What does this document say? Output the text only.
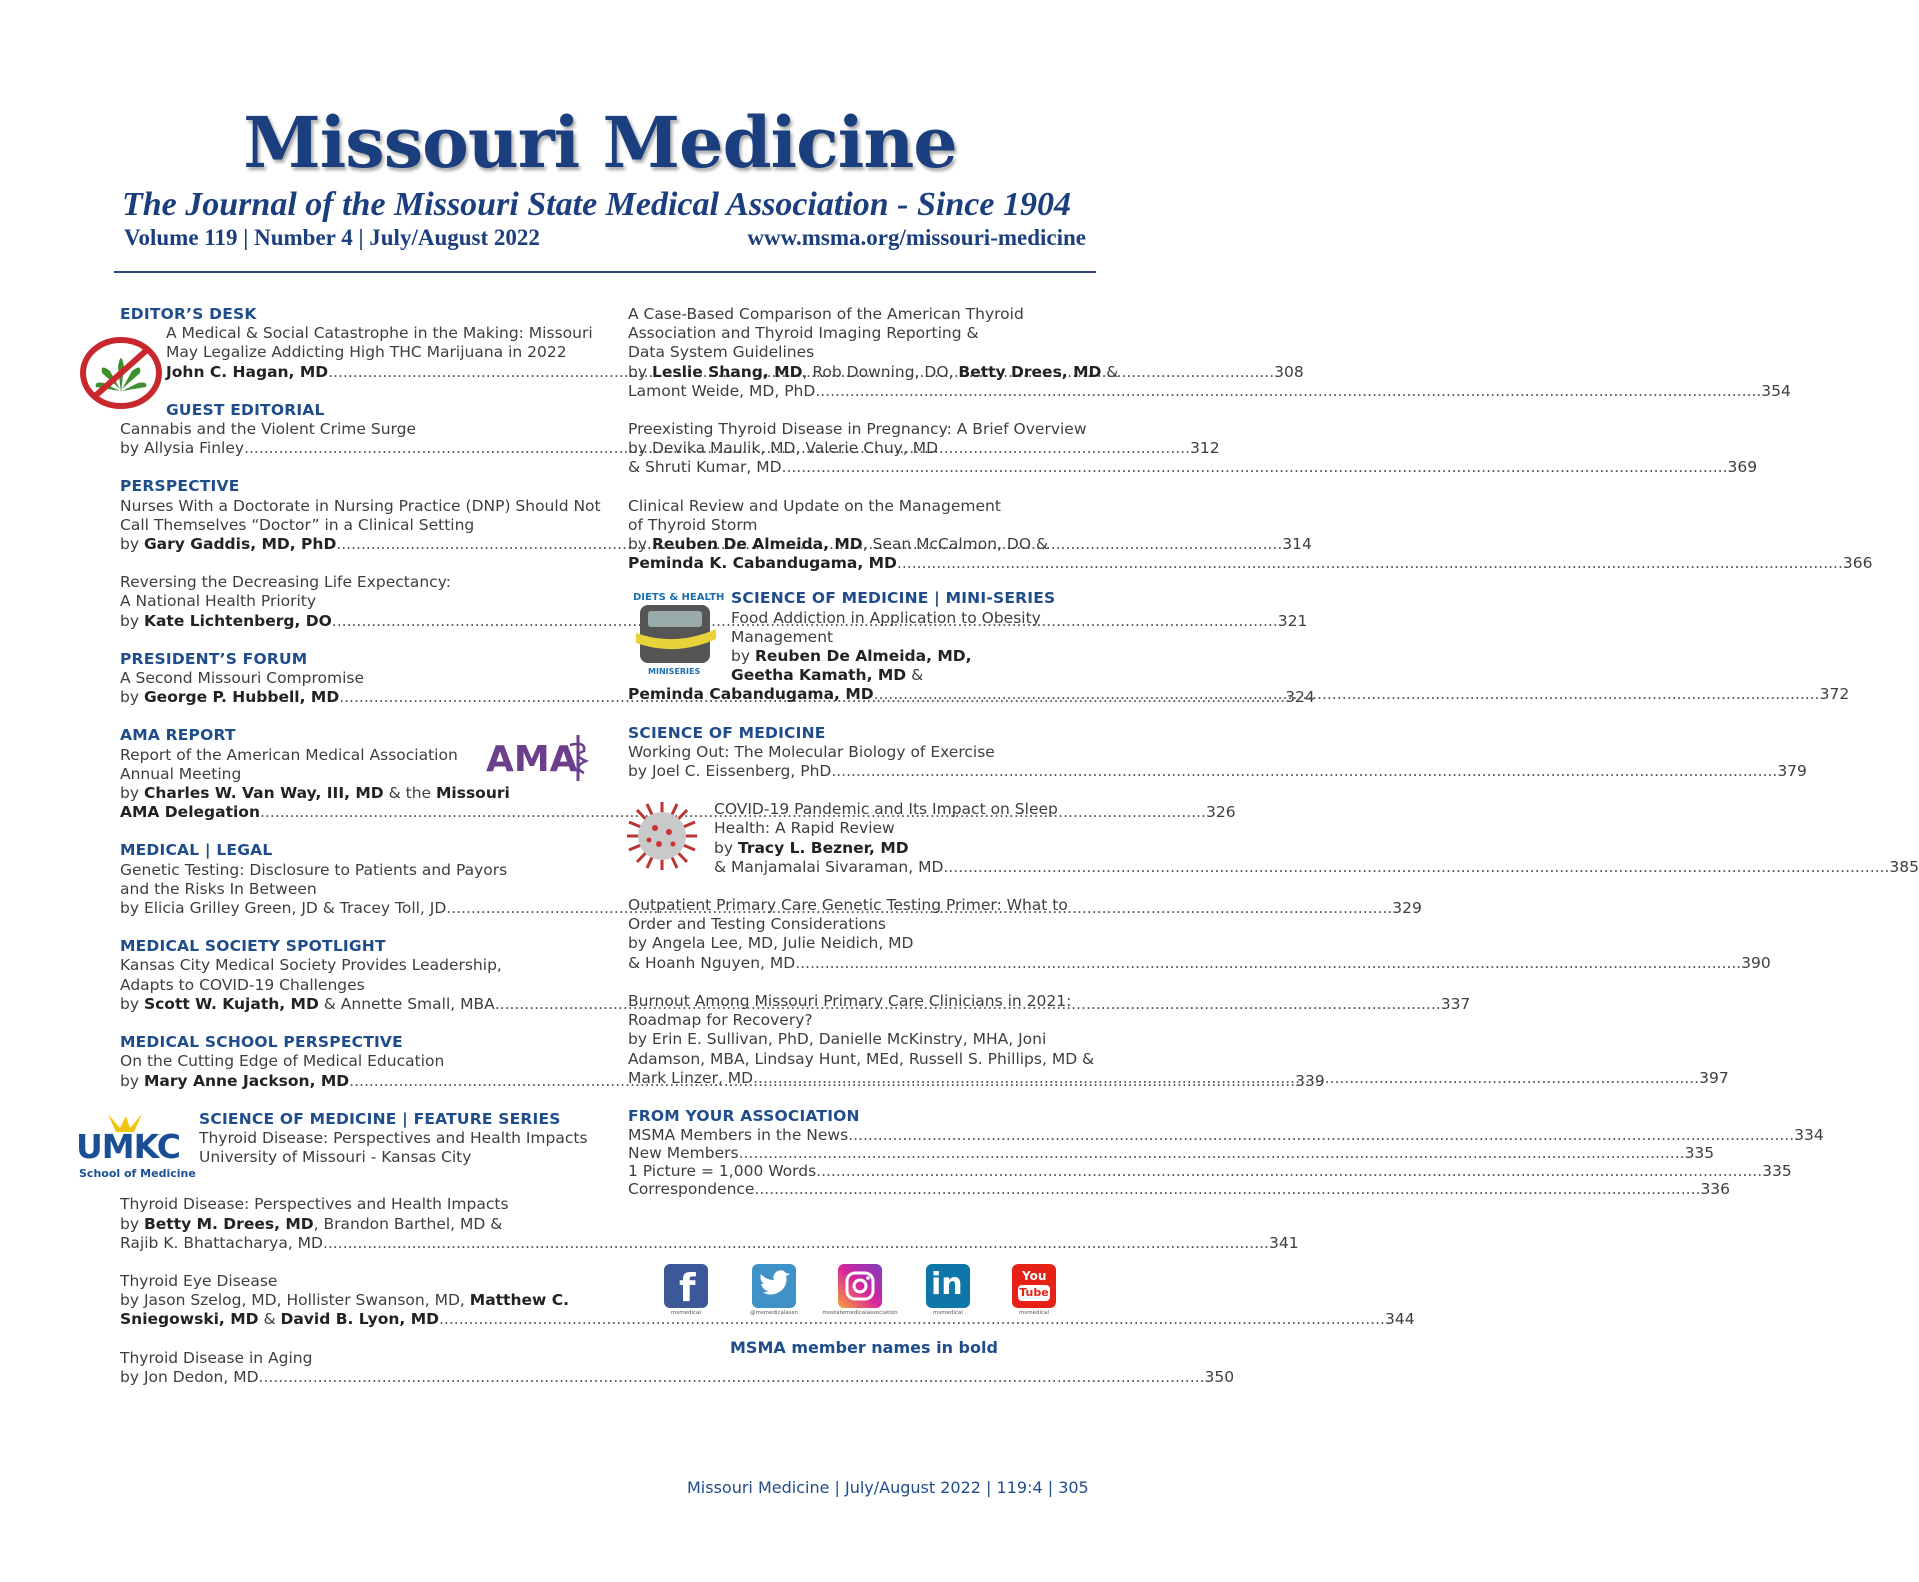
Missouri Medicine
The Journal of the Missouri State Medical Association - Since 1904
Volume 119 | Number 4 | July/August 2022	www.msma.org/missouri-medicine
EDITOR’S DESK
A Medical & Social Catastrophe in the Making: Missouri
May Legalize Addicting High THC Marijuana in 2022
John C. Hagan, MD .....	308
GUEST EDITORIAL
Cannabis and the Violent Crime Surge
by Allysia Finley .....	312
PERSPECTIVE
Nurses With a Doctorate in Nursing Practice (DNP) Should Not
Call Themselves “Doctor” in a Clinical Setting
by Gary Gaddis, MD, PhD .....	314
Reversing the Decreasing Life Expectancy:
A National Health Priority
by Kate Lichtenberg, DO .....	321
PRESIDENT’S FORUM
A Second Missouri Compromise
by George P. Hubbell, MD .....	324
AMA REPORT
Report of the American Medical Association
Annual Meeting
by Charles W. Van Way, III, MD & the Missouri
AMA Delegation .....	326
MEDICAL | LEGAL
Genetic Testing: Disclosure to Patients and Payors
and the Risks In Between
by Elicia Grilley Green, JD & Tracey Toll, JD .....	329
MEDICAL SOCIETY SPOTLIGHT
Kansas City Medical Society Provides Leadership,
Adapts to COVID-19 Challenges
by Scott W. Kujath, MD & Annette Small, MBA .....	337
MEDICAL SCHOOL PERSPECTIVE
On the Cutting Edge of Medical Education
by Mary Anne Jackson, MD .....	339
SCIENCE OF MEDICINE | FEATURE SERIES
Thyroid Disease: Perspectives and Health Impacts
University of Missouri - Kansas City
Thyroid Disease: Perspectives and Health Impacts
by Betty M. Drees, MD, Brandon Barthel, MD &
Rajib K. Bhattacharya, MD .....	341
Thyroid Eye Disease
by Jason Szelog, MD, Hollister Swanson, MD, Matthew C.
Sniegowski, MD & David B. Lyon, MD .....	344
Thyroid Disease in Aging
by Jon Dedon, MD .....	350
AMA
UMKC
School of Medicine
A Case-Based Comparison of the American Thyroid
Association and Thyroid Imaging Reporting &
Data System Guidelines
by Leslie Shang, MD, Rob Downing, DO, Betty Drees, MD &
Lamont Weide, MD, PhD .....	354
Preexisting Thyroid Disease in Pregnancy: A Brief Overview
by Devika Maulik, MD, Valerie Chuy, MD
& Shruti Kumar, MD .....	369
Clinical Review and Update on the Management
of Thyroid Storm
by Reuben De Almeida, MD, Sean McCalmon, DO &
Peminda K. Cabandugama, MD .....	366
SCIENCE OF MEDICINE | MINI-SERIES
Food Addiction in Application to Obesity
Management
by Reuben De Almeida, MD,
Geetha Kamath, MD &
Peminda Cabandugama, MD .....	372
SCIENCE OF MEDICINE
Working Out: The Molecular Biology of Exercise
by Joel C. Eissenberg, PhD .....	379
COVID-19 Pandemic and Its Impact on Sleep
Health: A Rapid Review
by Tracy L. Bezner, MD
& Manjamalai Sivaraman, MD .....	385
Outpatient Primary Care Genetic Testing Primer: What to
Order and Testing Considerations
by Angela Lee, MD, Julie Neidich, MD
& Hoanh Nguyen, MD .....	390
Burnout Among Missouri Primary Care Clinicians in 2021:
Roadmap for Recovery?
by Erin E. Sullivan, PhD, Danielle McKinstry, MHA, Joni
Adamson, MBA, Lindsay Hunt, MEd, Russell S. Phillips, MD &
Mark Linzer, MD .....	397
FROM YOUR ASSOCIATION
MSMA Members in the News .....	334
New Members .....	335
1 Picture = 1,000 Words .....	335
Correspondence .....	336
DIETS & HEALTH
MINISERIES
f
msmedical	@msmedicalassn	mostatemedicalassociation
in
msmedical
You
Tube
msmedical
MSMA member names in bold
Missouri Medicine | July/August 2022 | 119:4 | 305
